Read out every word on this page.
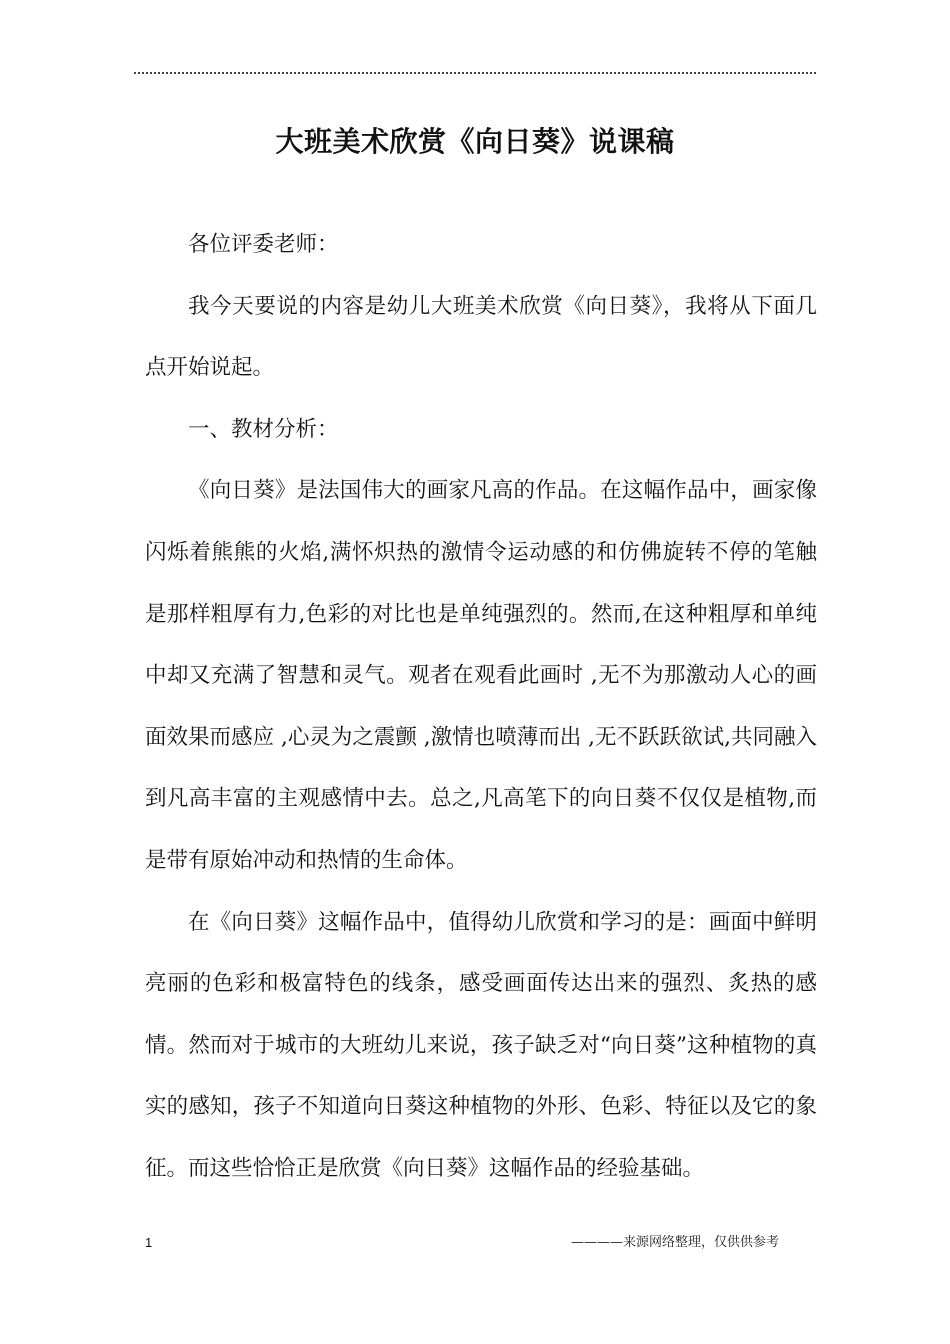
大班美术欣赏《向日葵》说课稿

各位评委老师：

我今天要说的内容是幼儿大班美术欣赏《向日葵》，我将从下面几点开始说起。

一、教材分析：

《向日葵》是法国伟大的画家凡高的作品。在这幅作品中，画家像闪烁着熊熊的火焰,满怀炽热的激情令运动感的和仿佛旋转不停的笔触是那样粗厚有力,色彩的对比也是单纯强烈的。然而,在这种粗厚和单纯中却又充满了智慧和灵气。观者在观看此画时 ,无不为那激动人心的画面效果而感应 ,心灵为之震颤 ,激情也喷薄而出 ,无不跃跃欲试,共同融入到凡高丰富的主观感情中去。总之,凡高笔下的向日葵不仅仅是植物,而是带有原始冲动和热情的生命体。

在《向日葵》这幅作品中，值得幼儿欣赏和学习的是：画面中鲜明亮丽的色彩和极富特色的线条，感受画面传达出来的强烈、炙热的感情。然而对于城市的大班幼儿来说，孩子缺乏对“向日葵”这种植物的真实的感知，孩子不知道向日葵这种植物的外形、色彩、特征以及它的象征。而这些恰恰正是欣赏《向日葵》这幅作品的经验基础。

1	————来源网络整理，仅供供参考
